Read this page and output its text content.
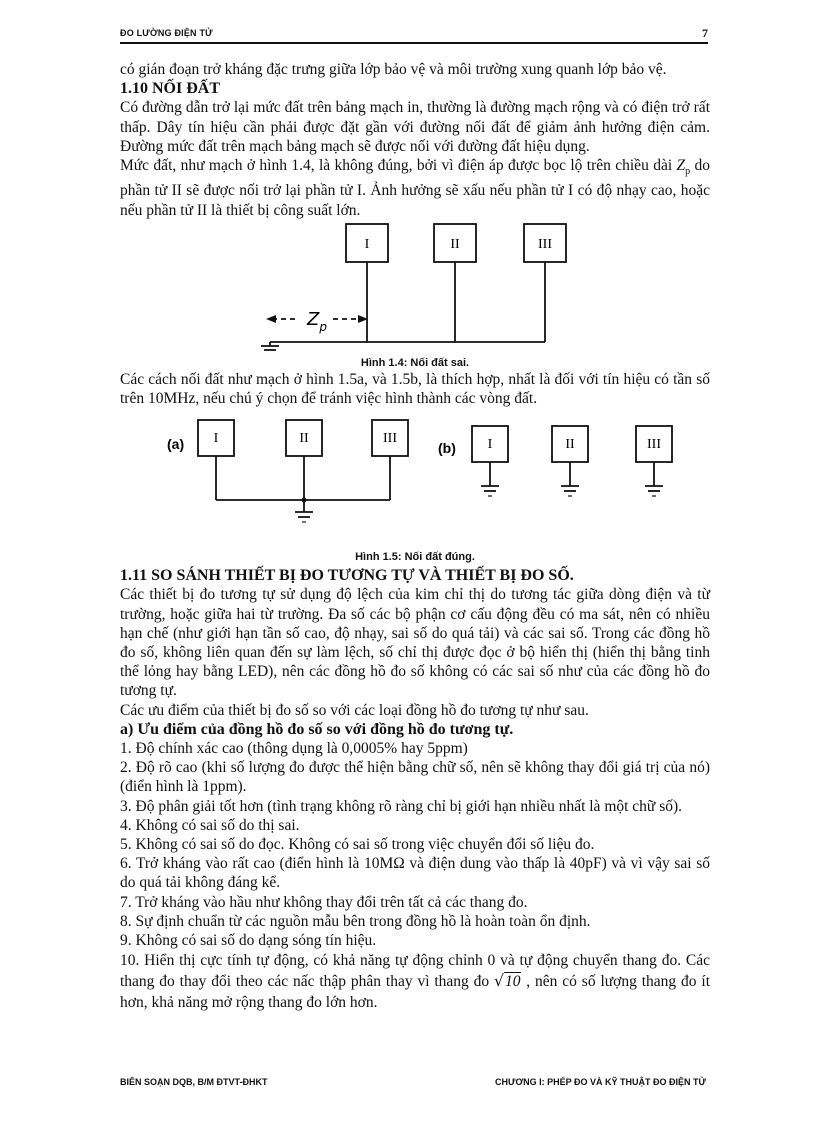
ĐO LƯỜNG ĐIỆN TỬ	7

có gián đoạn trở kháng đặc trưng giữa lớp bảo vệ và môi trường xung quanh lớp bảo vệ.

1.10 NỐI ĐẤT

Có đường dẫn trở lại mức đất trên bảng mạch in, thường là đường mạch rộng và có điện trở rất thấp. Dây tín hiệu cần phải được đặt gần với đường nối đất để giảm ảnh hưởng điện cảm. Đường mức đất trên mạch bảng mạch sẽ được nối với đường đất hiệu dụng.

Mức đất, như mạch ở hình 1.4, là không đúng, bởi vì điện áp được bọc lộ trên chiều dài $Z_p$ do phần tử II sẽ được nối trở lại phần tử I. Ảnh hưởng sẽ xấu nếu phần tử I có độ nhạy cao, hoặc nếu phần tử II là thiết bị công suất lớn.

I	II	III
$Z_p$
Hình 1.4: Nối đất sai.

Các cách nối đất như mạch ở hình 1.5a, và 1.5b, là thích hợp, nhất là đối với tín hiệu có tần số trên 10MHz, nếu chú ý chọn để tránh việc hình thành các vòng đất.

(a)	(b)
I	II	III	I	II	III
Hình 1.5: Nối đất đúng.

1.11 SO SÁNH THIẾT BỊ ĐO TƯƠNG TỰ VÀ THIẾT BỊ ĐO SỐ.

Các thiết bị đo tương tự sử dụng độ lệch của kim chỉ thị do tương tác giữa dòng điện và từ trường, hoặc giữa hai từ trường. Đa số các bộ phận cơ cấu động đều có ma sát, nên có nhiều hạn chế (như giới hạn tần số cao, độ nhạy, sai số do quá tải) và các sai số. Trong các đồng hồ đo số, không liên quan đến sự làm lệch, số chỉ thị được đọc ở bộ hiển thị (hiển thị bằng tinh thể lỏng hay bằng LED), nên các đồng hồ đo số không có các sai số như của các đồng hồ đo tương tự.

Các ưu điểm của thiết bị đo số so với các loại đồng hồ đo tương tự như sau.

a) Ưu điểm của đồng hồ đo số so với đồng hồ đo tương tự.

1. Độ chính xác cao (thông dụng là 0,0005% hay 5ppm)

2. Độ rõ cao (khi số lượng đo được thể hiện bằng chữ số, nên sẽ không thay đổi giá trị của nó) (điển hình là 1ppm).

3. Độ phân giải tốt hơn (tình trạng không rõ ràng chỉ bị giới hạn nhiều nhất là một chữ số).

4. Không có sai số do thị sai.

5. Không có sai số do đọc. Không có sai số trong việc chuyển đổi số liệu đo.

6. Trở kháng vào rất cao (điển hình là 10MΩ và điện dung vào thấp là 40pF) và vì vậy sai số do quá tải không đáng kể.

7. Trở kháng vào hầu như không thay đổi trên tất cả các thang đo.

8. Sự định chuẩn từ các nguồn mẫu bên trong đồng hồ là hoàn toàn ổn định.

9. Không có sai số do dạng sóng tín hiệu.

10. Hiển thị cực tính tự động, có khả năng tự động chỉnh 0 và tự động chuyển thang đo. Các thang đo thay đổi theo các nấc thập phân thay vì thang đo √10 , nên có số lượng thang đo ít hơn, khả năng mở rộng thang đo lớn hơn.

BIÊN SOẠN DQB, B/M ĐTVT-ĐHKT	CHƯƠNG I: PHÉP ĐO VÀ KỸ THUẬT ĐO ĐIỆN TỬ
